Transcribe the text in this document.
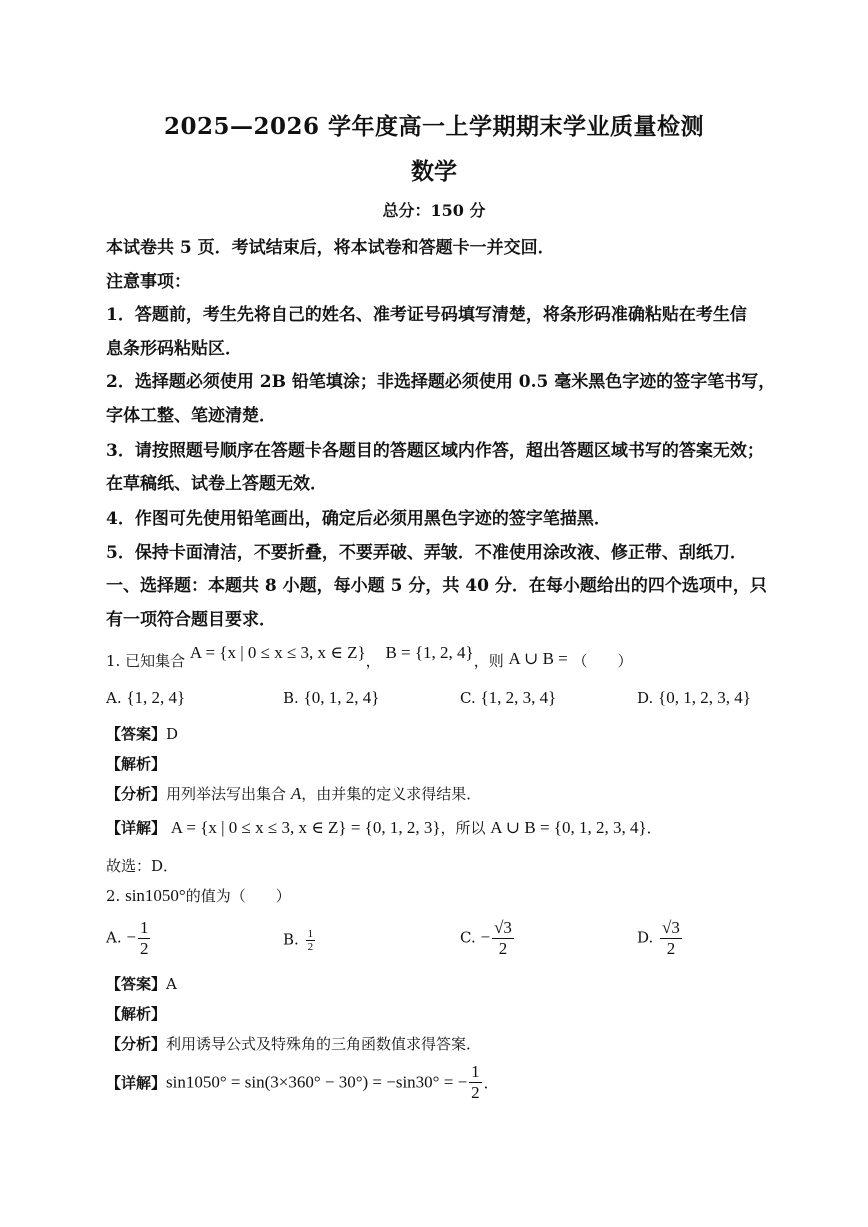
2025—2026 学年度高一上学期期末学业质量检测
数学
总分：150 分
本试卷共 5 页．考试结束后，将本试卷和答题卡一并交回．
注意事项：
1．答题前，考生先将自己的姓名、准考证号码填写清楚，将条形码准确粘贴在考生信
息条形码粘贴区．
2．选择题必须使用 2B 铅笔填涂；非选择题必须使用 0.5 毫米黑色字迹的签字笔书写，
字体工整、笔迹清楚．
3．请按照题号顺序在答题卡各题目的答题区域内作答，超出答题区域书写的答案无效；
在草稿纸、试卷上答题无效．
4．作图可先使用铅笔画出，确定后必须用黑色字迹的签字笔描黑．
5．保持卡面清洁，不要折叠，不要弄破、弄皱．不准使用涂改液、修正带、刮纸刀．
一、选择题：本题共 8 小题，每小题 5 分，共 40 分．在每小题给出的四个选项中，只
有一项符合题目要求．
1. 已知集合 A = {x | 0 ≤ x ≤ 3, x ∈ Z}， B = {1, 2, 4}，则 A ∪ B = （　　）
A. {1, 2, 4}	B. {0, 1, 2, 4}	C. {1, 2, 3, 4}	D. {0, 1, 2, 3, 4}
【答案】D
【解析】
【分析】用列举法写出集合 A，由并集的定义求得结果．
【详解】 A = {x | 0 ≤ x ≤ 3, x ∈ Z} = {0, 1, 2, 3}，所以 A ∪ B = {0, 1, 2, 3, 4}．
故选：D．
2. sin1050°的值为（　　）
A. − $\frac{1}{2}$	B. $\frac{1}{2}$	C. − $\frac{√3}{2}$	D. $\frac{√3}{2}$
【答案】A
【解析】
【分析】利用诱导公式及特殊角的三角函数值求得答案．
【详解】sin1050° = sin(3×360° − 30°) = −sin30° = − $\frac{1}{2}$ ．
